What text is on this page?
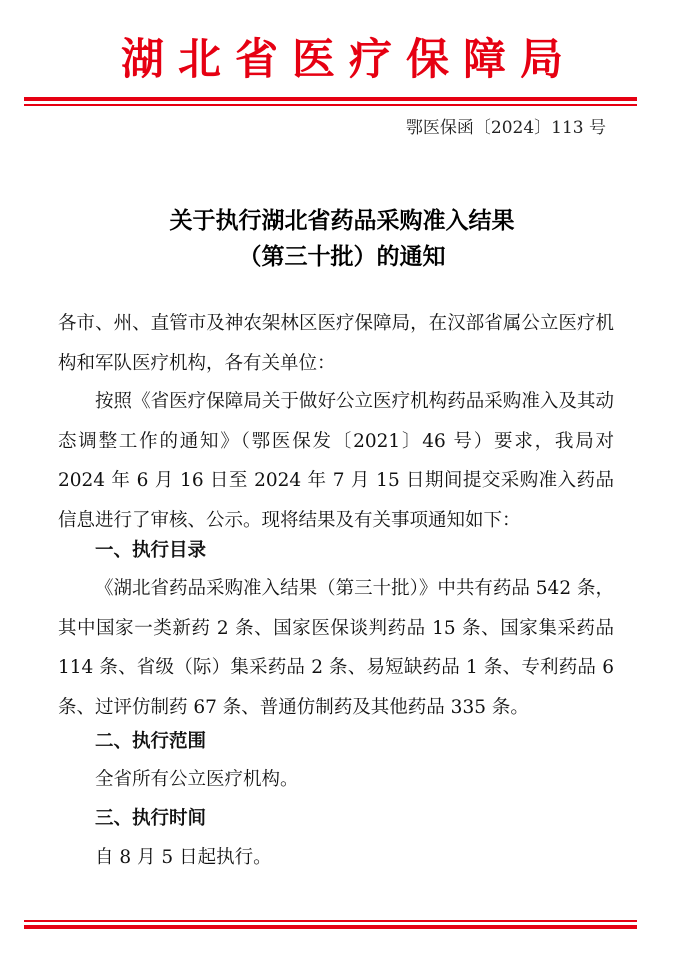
湖北省医疗保障局
鄂医保函〔2024〕113 号
关于执行湖北省药品采购准入结果
（第三十批）的通知

各市、州、直管市及神农架林区医疗保障局，在汉部省属公立医疗机构和军队医疗机构，各有关单位：

按照《省医疗保障局关于做好公立医疗机构药品采购准入及其动态调整工作的通知》（鄂医保发〔2021〕46 号）要求，我局对 2024 年 6 月 16 日至 2024 年 7 月 15 日期间提交采购准入药品信息进行了审核、公示。现将结果及有关事项通知如下：

一、执行目录

《湖北省药品采购准入结果（第三十批）》中共有药品 542 条，其中国家一类新药 2 条、国家医保谈判药品 15 条、国家集采药品 114 条、省级（际）集采药品 2 条、易短缺药品 1 条、专利药品 6 条、过评仿制药 67 条、普通仿制药及其他药品 335 条。

二、执行范围

全省所有公立医疗机构。

三、执行时间

自 8 月 5 日起执行。
